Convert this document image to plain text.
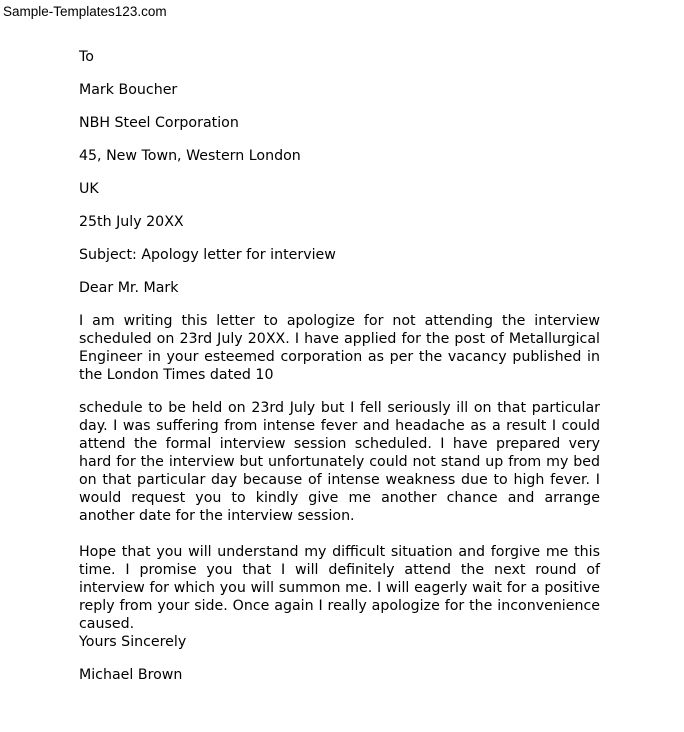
Sample-Templates123.com
To
Mark Boucher
NBH Steel Corporation
45, New Town, Western London
UK
25th July 20XX
Subject: Apology letter for interview
Dear Mr. Mark

I am writing this letter to apologize for not attending the interview scheduled on 23rd July 20XX. I have applied for the post of Metallurgical Engineer in your esteemed corporation as per the vacancy published in the London Times dated 10

schedule to be held on 23rd July but I fell seriously ill on that particular day. I was suffering from intense fever and headache as a result I could attend the formal interview session scheduled. I have prepared very hard for the interview but unfortunately could not stand up from my bed on that particular day because of intense weakness due to high fever. I would request you to kindly give me another chance and arrange another date for the interview session.

Hope that you will understand my difficult situation and forgive me this time. I promise you that I will definitely attend the next round of interview for which you will summon me. I will eagerly wait for a positive reply from your side. Once again I really apologize for the inconvenience caused.

Yours Sincerely
Michael Brown
